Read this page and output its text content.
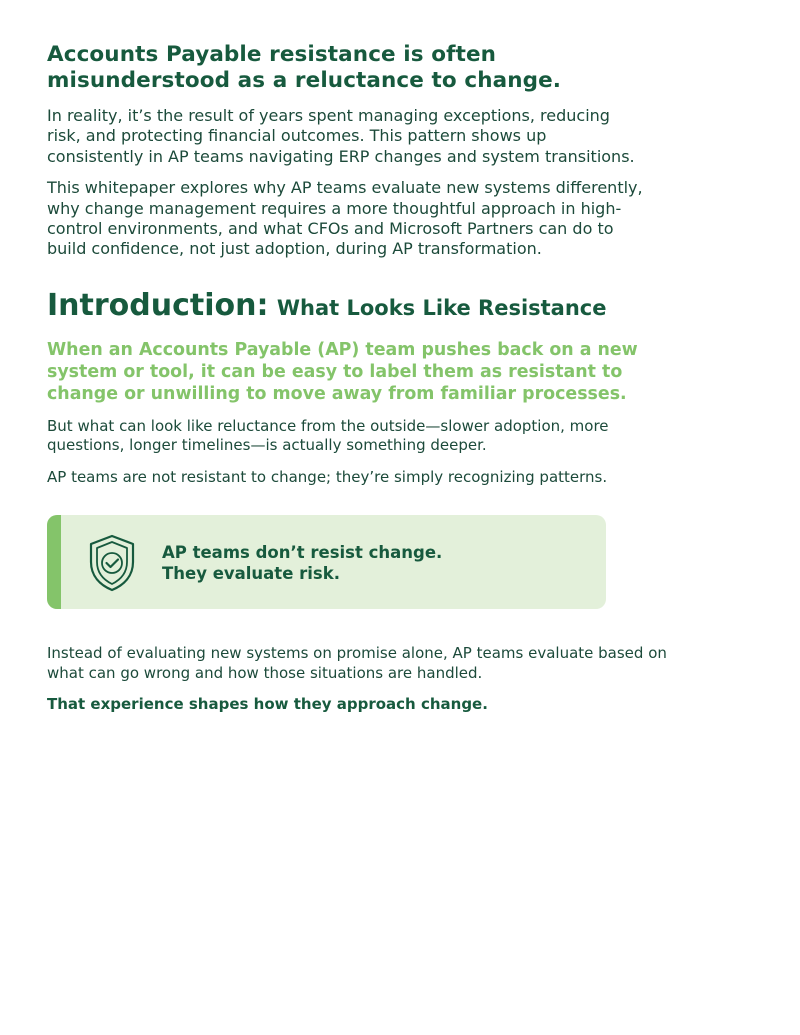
Accounts Payable resistance is often
misunderstood as a reluctance to change.

In reality, it’s the result of years spent managing exceptions, reducing risk, and protecting financial outcomes. This pattern shows up consistently in AP teams navigating ERP changes and system transitions.

This whitepaper explores why AP teams evaluate new systems differently, why change management requires a more thoughtful approach in high-control environments, and what CFOs and Microsoft Partners can do to build confidence, not just adoption, during AP transformation.

Introduction: What Looks Like Resistance

When an Accounts Payable (AP) team pushes back on a new system or tool, it can be easy to label them as resistant to change or unwilling to move away from familiar processes.

But what can look like reluctance from the outside—slower adoption, more questions, longer timelines—is actually something deeper.

AP teams are not resistant to change; they’re simply recognizing patterns.

AP teams don’t resist change.
They evaluate risk.

Instead of evaluating new systems on promise alone, AP teams evaluate based on what can go wrong and how those situations are handled.

That experience shapes how they approach change.
